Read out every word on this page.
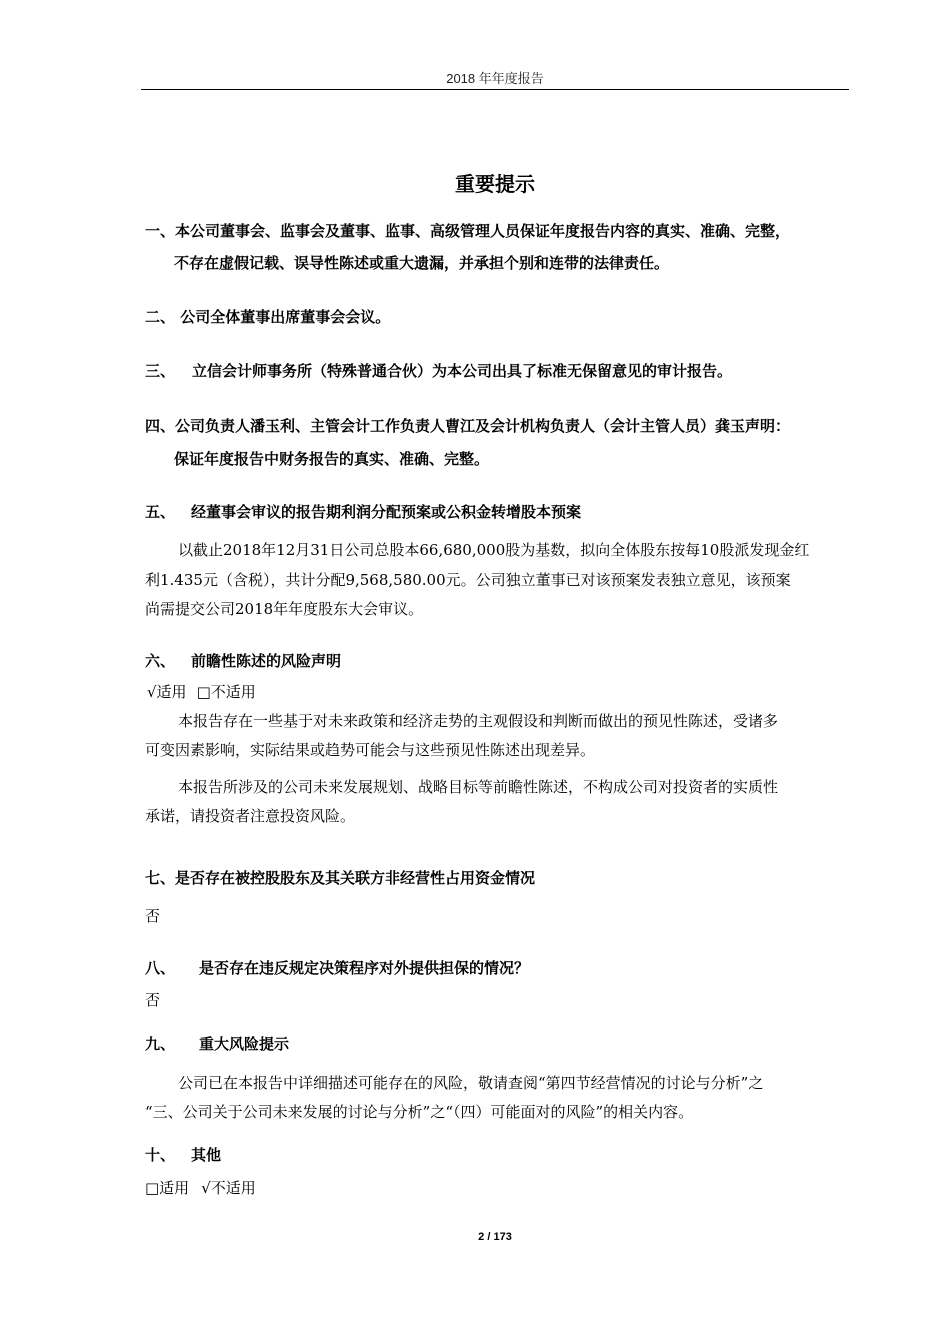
2018 年年度报告
重要提示
一、本公司董事会、监事会及董事、监事、高级管理人员保证年度报告内容的真实、准确、完整，
不存在虚假记载、误导性陈述或重大遗漏，并承担个别和连带的法律责任。
二、 公司全体董事出席董事会会议。
三、 立信会计师事务所（特殊普通合伙）为本公司出具了标准无保留意见的审计报告。
四、公司负责人潘玉利、主管会计工作负责人曹江及会计机构负责人（会计主管人员）龚玉声明：
保证年度报告中财务报告的真实、准确、完整。
五、 经董事会审议的报告期利润分配预案或公积金转增股本预案
以截止2018年12月31日公司总股本66,680,000股为基数，拟向全体股东按每10股派发现金红
利1.435元（含税），共计分配9,568,580.00元。公司独立董事已对该预案发表独立意见，该预案
尚需提交公司2018年年度股东大会审议。
六、 前瞻性陈述的风险声明
√适用 □不适用
本报告存在一些基于对未来政策和经济走势的主观假设和判断而做出的预见性陈述，受诸多
可变因素影响，实际结果或趋势可能会与这些预见性陈述出现差异。
本报告所涉及的公司未来发展规划、战略目标等前瞻性陈述，不构成公司对投资者的实质性
承诺，请投资者注意投资风险。
七、是否存在被控股股东及其关联方非经营性占用资金情况
否
八、 是否存在违反规定决策程序对外提供担保的情况？
否
九、 重大风险提示
公司已在本报告中详细描述可能存在的风险，敬请查阅“第四节经营情况的讨论与分析”之
“三、公司关于公司未来发展的讨论与分析”之“（四）可能面对的风险”的相关内容。
十、 其他
□适用 √不适用
2 / 173
